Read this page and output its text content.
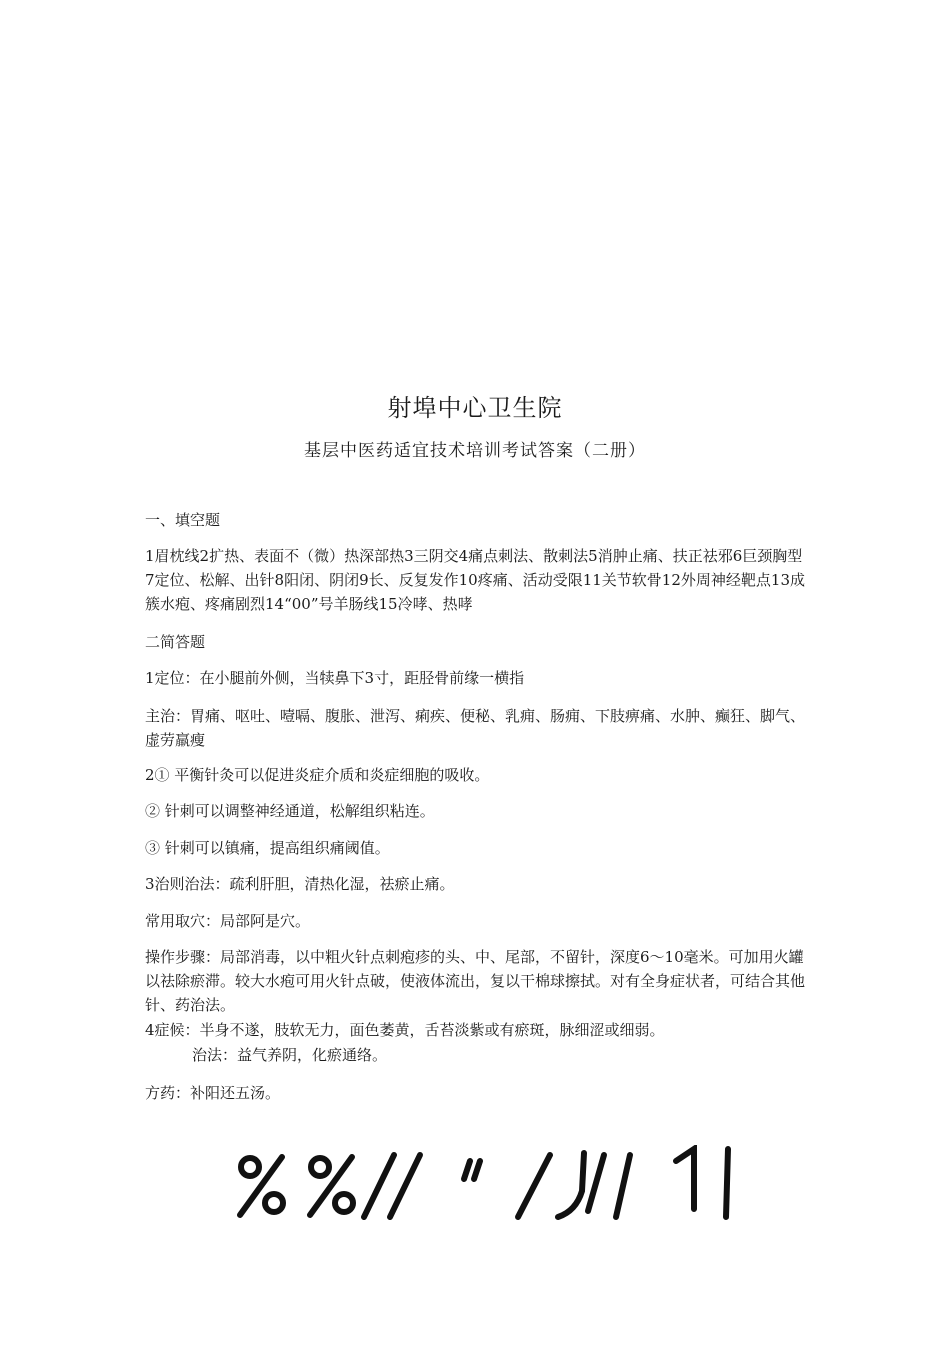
射埠中心卫生院
基层中医药适宜技术培训考试答案（二册）

一、填空题

1眉枕线2扩热、表面不（微）热深部热3三阴交4痛点刺法、散刺法5消肿止痛、扶正祛邪6巨颈胸型7定位、松解、出针8阳闭、阴闭9长、反复发作10疼痛、活动受限11关节软骨12外周神经靶点13成簇水疱、疼痛剧烈14“00”号羊肠线15冷哮、热哮

二简答题

1定位：在小腿前外侧，当犊鼻下3寸，距胫骨前缘一横指

主治：胃痛、呕吐、噎嗝、腹胀、泄泻、痢疾、便秘、乳痈、肠痈、下肢痹痛、水肿、癫狂、脚气、虚劳羸瘦

2① 平衡针灸可以促进炎症介质和炎症细胞的吸收。

② 针刺可以调整神经通道，松解组织粘连。

③ 针刺可以镇痛，提高组织痛阈值。

3治则治法：疏利肝胆，清热化湿，祛瘀止痛。

常用取穴：局部阿是穴。

操作步骤：局部消毒，以中粗火针点刺疱疹的头、中、尾部，不留针，深度6～10毫米。可加用火罐以祛除瘀滞。较大水疱可用火针点破，使液体流出，复以干棉球擦拭。对有全身症状者，可结合其他针、药治法。

4症候：半身不遂，肢软无力，面色萎黄，舌苔淡紫或有瘀斑，脉细涩或细弱。

治法：益气养阴，化瘀通络。

方药：补阳还五汤。
